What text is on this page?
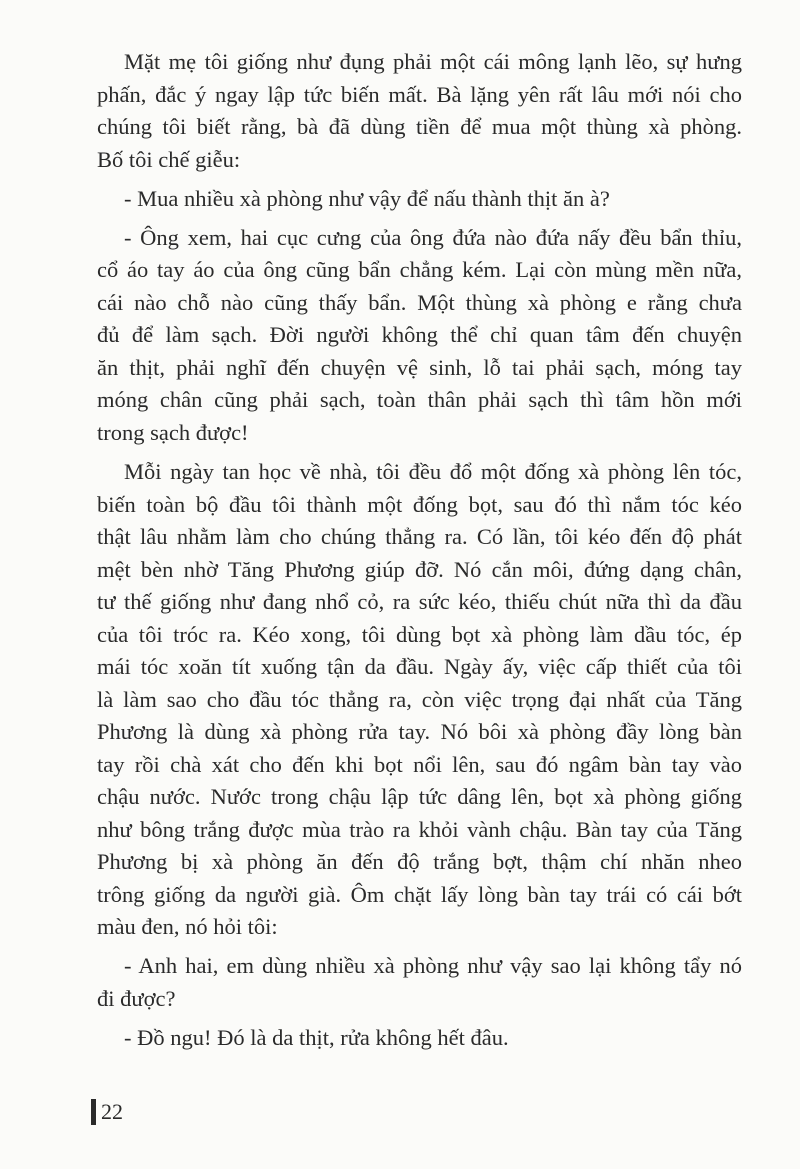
Mặt mẹ tôi giống như đụng phải một cái mông lạnh lẽo, sự hưng
phấn, đắc ý ngay lập tức biến mất. Bà lặng yên rất lâu mới nói cho
chúng tôi biết rằng, bà đã dùng tiền để mua một thùng xà phòng.
Bố tôi chế giễu:
- Mua nhiều xà phòng như vậy để nấu thành thịt ăn à?
- Ông xem, hai cục cưng của ông đứa nào đứa nấy đều bẩn thỉu,
cổ áo tay áo của ông cũng bẩn chẳng kém. Lại còn mùng mền nữa,
cái nào chỗ nào cũng thấy bẩn. Một thùng xà phòng e rằng chưa
đủ để làm sạch. Đời người không thể chỉ quan tâm đến chuyện
ăn thịt, phải nghĩ đến chuyện vệ sinh, lỗ tai phải sạch, móng tay
móng chân cũng phải sạch, toàn thân phải sạch thì tâm hồn mới
trong sạch được!
Mỗi ngày tan học về nhà, tôi đều đổ một đống xà phòng lên tóc,
biến toàn bộ đầu tôi thành một đống bọt, sau đó thì nắm tóc kéo
thật lâu nhằm làm cho chúng thẳng ra. Có lần, tôi kéo đến độ phát
mệt bèn nhờ Tăng Phương giúp đỡ. Nó cắn môi, đứng dạng chân,
tư thế giống như đang nhổ cỏ, ra sức kéo, thiếu chút nữa thì da đầu
của tôi tróc ra. Kéo xong, tôi dùng bọt xà phòng làm dầu tóc, ép
mái tóc xoăn tít xuống tận da đầu. Ngày ấy, việc cấp thiết của tôi
là làm sao cho đầu tóc thẳng ra, còn việc trọng đại nhất của Tăng
Phương là dùng xà phòng rửa tay. Nó bôi xà phòng đầy lòng bàn
tay rồi chà xát cho đến khi bọt nổi lên, sau đó ngâm bàn tay vào
chậu nước. Nước trong chậu lập tức dâng lên, bọt xà phòng giống
như bông trắng được mùa trào ra khỏi vành chậu. Bàn tay của Tăng
Phương bị xà phòng ăn đến độ trắng bợt, thậm chí nhăn nheo
trông giống da người già. Ôm chặt lấy lòng bàn tay trái có cái bớt
màu đen, nó hỏi tôi:
- Anh hai, em dùng nhiều xà phòng như vậy sao lại không tẩy nó
đi được?
- Đồ ngu! Đó là da thịt, rửa không hết đâu.
22
